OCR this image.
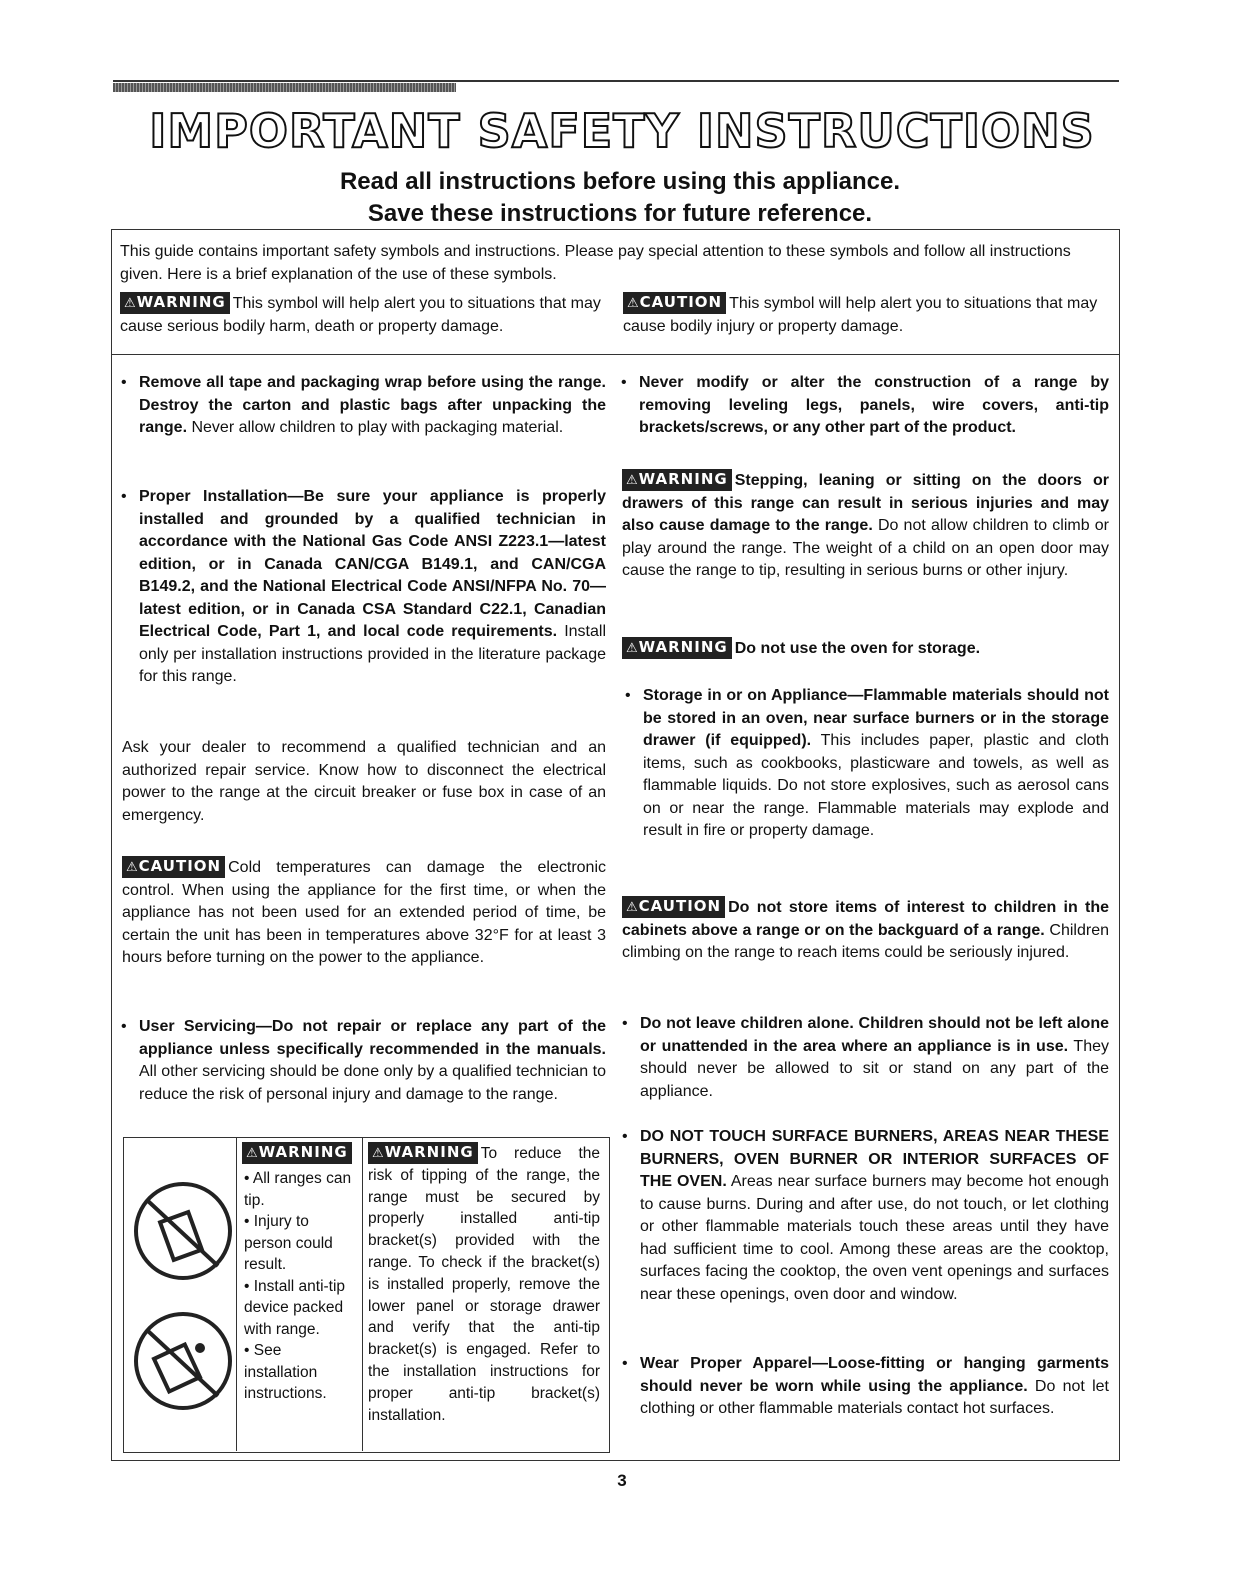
IMPORTANT SAFETY INSTRUCTIONS
Read all instructions before using this appliance.
Save these instructions for future reference.
This guide contains important safety symbols and instructions. Please pay special attention to these symbols and follow all instructions given. Here is a brief explanation of the use of these symbols.
⚠WARNING This symbol will help alert you to situations that may cause serious bodily harm, death or property damage.
⚠CAUTION This symbol will help alert you to situations that may cause bodily injury or property damage.
• Remove all tape and packaging wrap before using the range. Destroy the carton and plastic bags after unpacking the range. Never allow children to play with packaging material.
• Proper Installation—Be sure your appliance is properly installed and grounded by a qualified technician in accordance with the National Gas Code ANSI Z223.1—latest edition, or in Canada CAN/CGA B149.1, and CAN/CGA B149.2, and the National Electrical Code ANSI/NFPA No. 70—latest edition, or in Canada CSA Standard C22.1, Canadian Electrical Code, Part 1, and local code requirements. Install only per installation instructions provided in the literature package for this range.
Ask your dealer to recommend a qualified technician and an authorized repair service. Know how to disconnect the electrical power to the range at the circuit breaker or fuse box in case of an emergency.
⚠CAUTION Cold temperatures can damage the electronic control. When using the appliance for the first time, or when the appliance has not been used for an extended period of time, be certain the unit has been in temperatures above 32°F for at least 3 hours before turning on the power to the appliance.
• User Servicing—Do not repair or replace any part of the appliance unless specifically recommended in the manuals. All other servicing should be done only by a qualified technician to reduce the risk of personal injury and damage to the range.
⚠WARNING
• All ranges can tip.
• Injury to person could result.
• Install anti-tip device packed with range.
• See installation instructions.
⚠WARNING To reduce the risk of tipping of the range, the range must be secured by properly installed anti-tip bracket(s) provided with the range. To check if the bracket(s) is installed properly, remove the lower panel or storage drawer and verify that the anti-tip bracket(s) is engaged. Refer to the installation instructions for proper anti-tip bracket(s) installation.
• Never modify or alter the construction of a range by removing leveling legs, panels, wire covers, anti-tip brackets/screws, or any other part of the product.
⚠WARNING Stepping, leaning or sitting on the doors or drawers of this range can result in serious injuries and may also cause damage to the range. Do not allow children to climb or play around the range. The weight of a child on an open door may cause the range to tip, resulting in serious burns or other injury.
⚠WARNING Do not use the oven for storage.
• Storage in or on Appliance—Flammable materials should not be stored in an oven, near surface burners or in the storage drawer (if equipped). This includes paper, plastic and cloth items, such as cookbooks, plasticware and towels, as well as flammable liquids. Do not store explosives, such as aerosol cans on or near the range. Flammable materials may explode and result in fire or property damage.
⚠CAUTION Do not store items of interest to children in the cabinets above a range or on the backguard of a range. Children climbing on the range to reach items could be seriously injured.
• Do not leave children alone. Children should not be left alone or unattended in the area where an appliance is in use. They should never be allowed to sit or stand on any part of the appliance.
• DO NOT TOUCH SURFACE BURNERS, AREAS NEAR THESE BURNERS, OVEN BURNER OR INTERIOR SURFACES OF THE OVEN. Areas near surface burners may become hot enough to cause burns. During and after use, do not touch, or let clothing or other flammable materials touch these areas until they have had sufficient time to cool. Among these areas are the cooktop, surfaces facing the cooktop, the oven vent openings and surfaces near these openings, oven door and window.
• Wear Proper Apparel—Loose-fitting or hanging garments should never be worn while using the appliance. Do not let clothing or other flammable materials contact hot surfaces.
3
